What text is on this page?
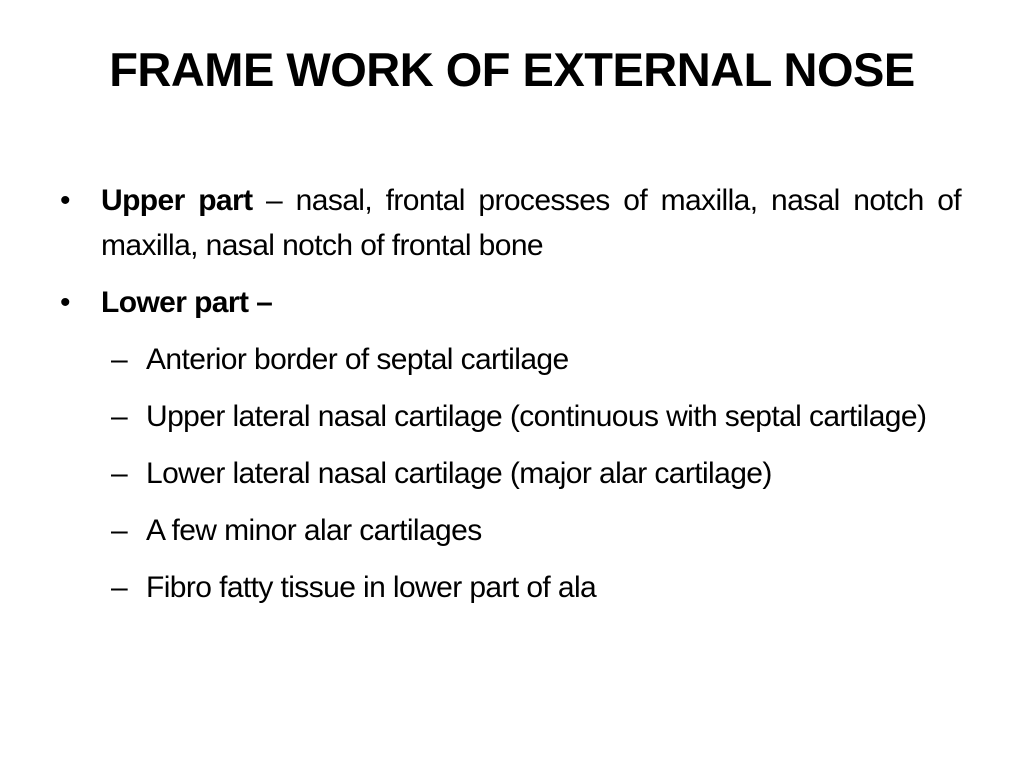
FRAME WORK OF EXTERNAL NOSE
• Upper part – nasal, frontal processes of maxilla, nasal notch of maxilla, nasal notch of frontal bone
• Lower part –
– Anterior border of septal cartilage
– Upper lateral nasal cartilage (continuous with septal cartilage)
– Lower lateral nasal cartilage (major alar cartilage)
– A few minor alar cartilages
– Fibro fatty tissue in lower part of ala
